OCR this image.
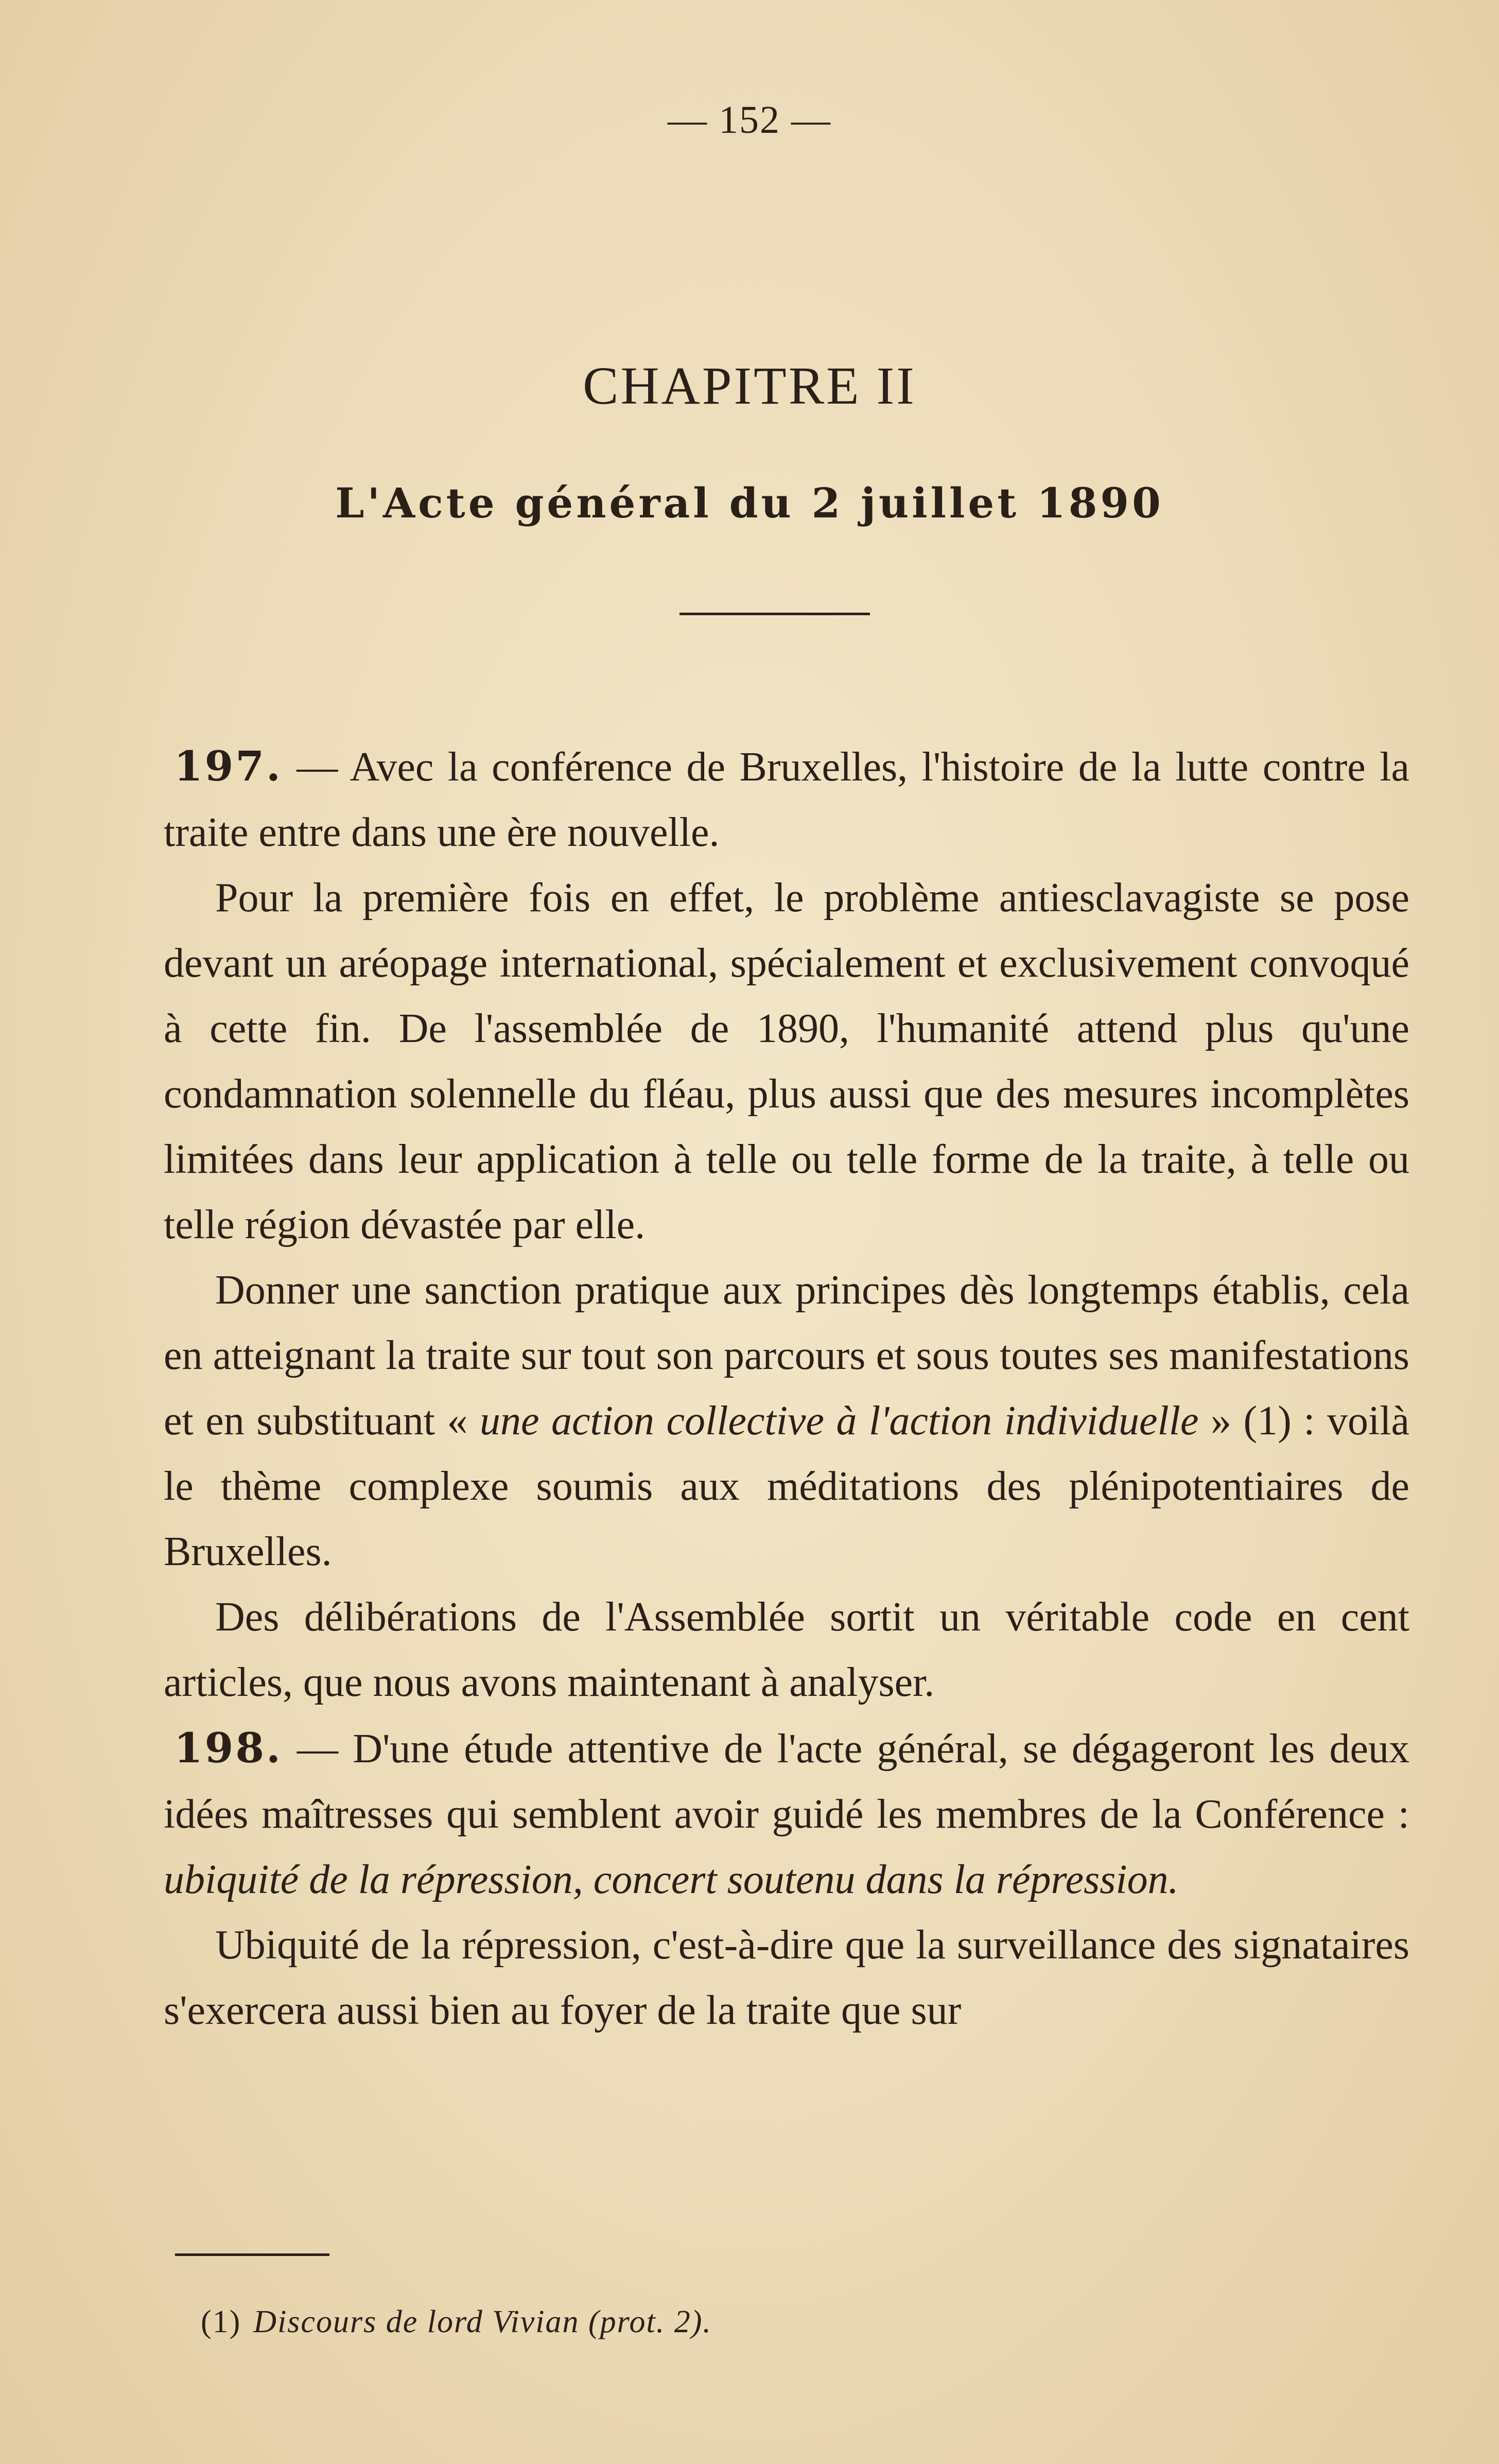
— 152 —
CHAPITRE II
L'Acte général du 2 juillet 1890

197. — Avec la conférence de Bruxelles, l'histoire de la lutte contre la traite entre dans une ère nouvelle.

Pour la première fois en effet, le problème antiesclavagiste se pose devant un aréopage international, spécialement et exclusivement convoqué à cette fin. De l'assemblée de 1890, l'humanité attend plus qu'une condamnation solennelle du fléau, plus aussi que des mesures incomplètes limitées dans leur application à telle ou telle forme de la traite, à telle ou telle région dévastée par elle.

Donner une sanction pratique aux principes dès longtemps établis, cela en atteignant la traite sur tout son parcours et sous toutes ses manifestations et en substituant « une action collective à l'action individuelle » (1) : voilà le thème complexe soumis aux méditations des plénipotentiaires de Bruxelles.

Des délibérations de l'Assemblée sortit un véritable code en cent articles, que nous avons maintenant à analyser.

198. — D'une étude attentive de l'acte général, se dégageront les deux idées maîtresses qui semblent avoir guidé les membres de la Conférence : ubiquité de la répression, concert soutenu dans la répression.

Ubiquité de la répression, c'est-à-dire que la surveillance des signataires s'exercera aussi bien au foyer de la traite que sur

(1) Discours de lord Vivian (prot. 2).
